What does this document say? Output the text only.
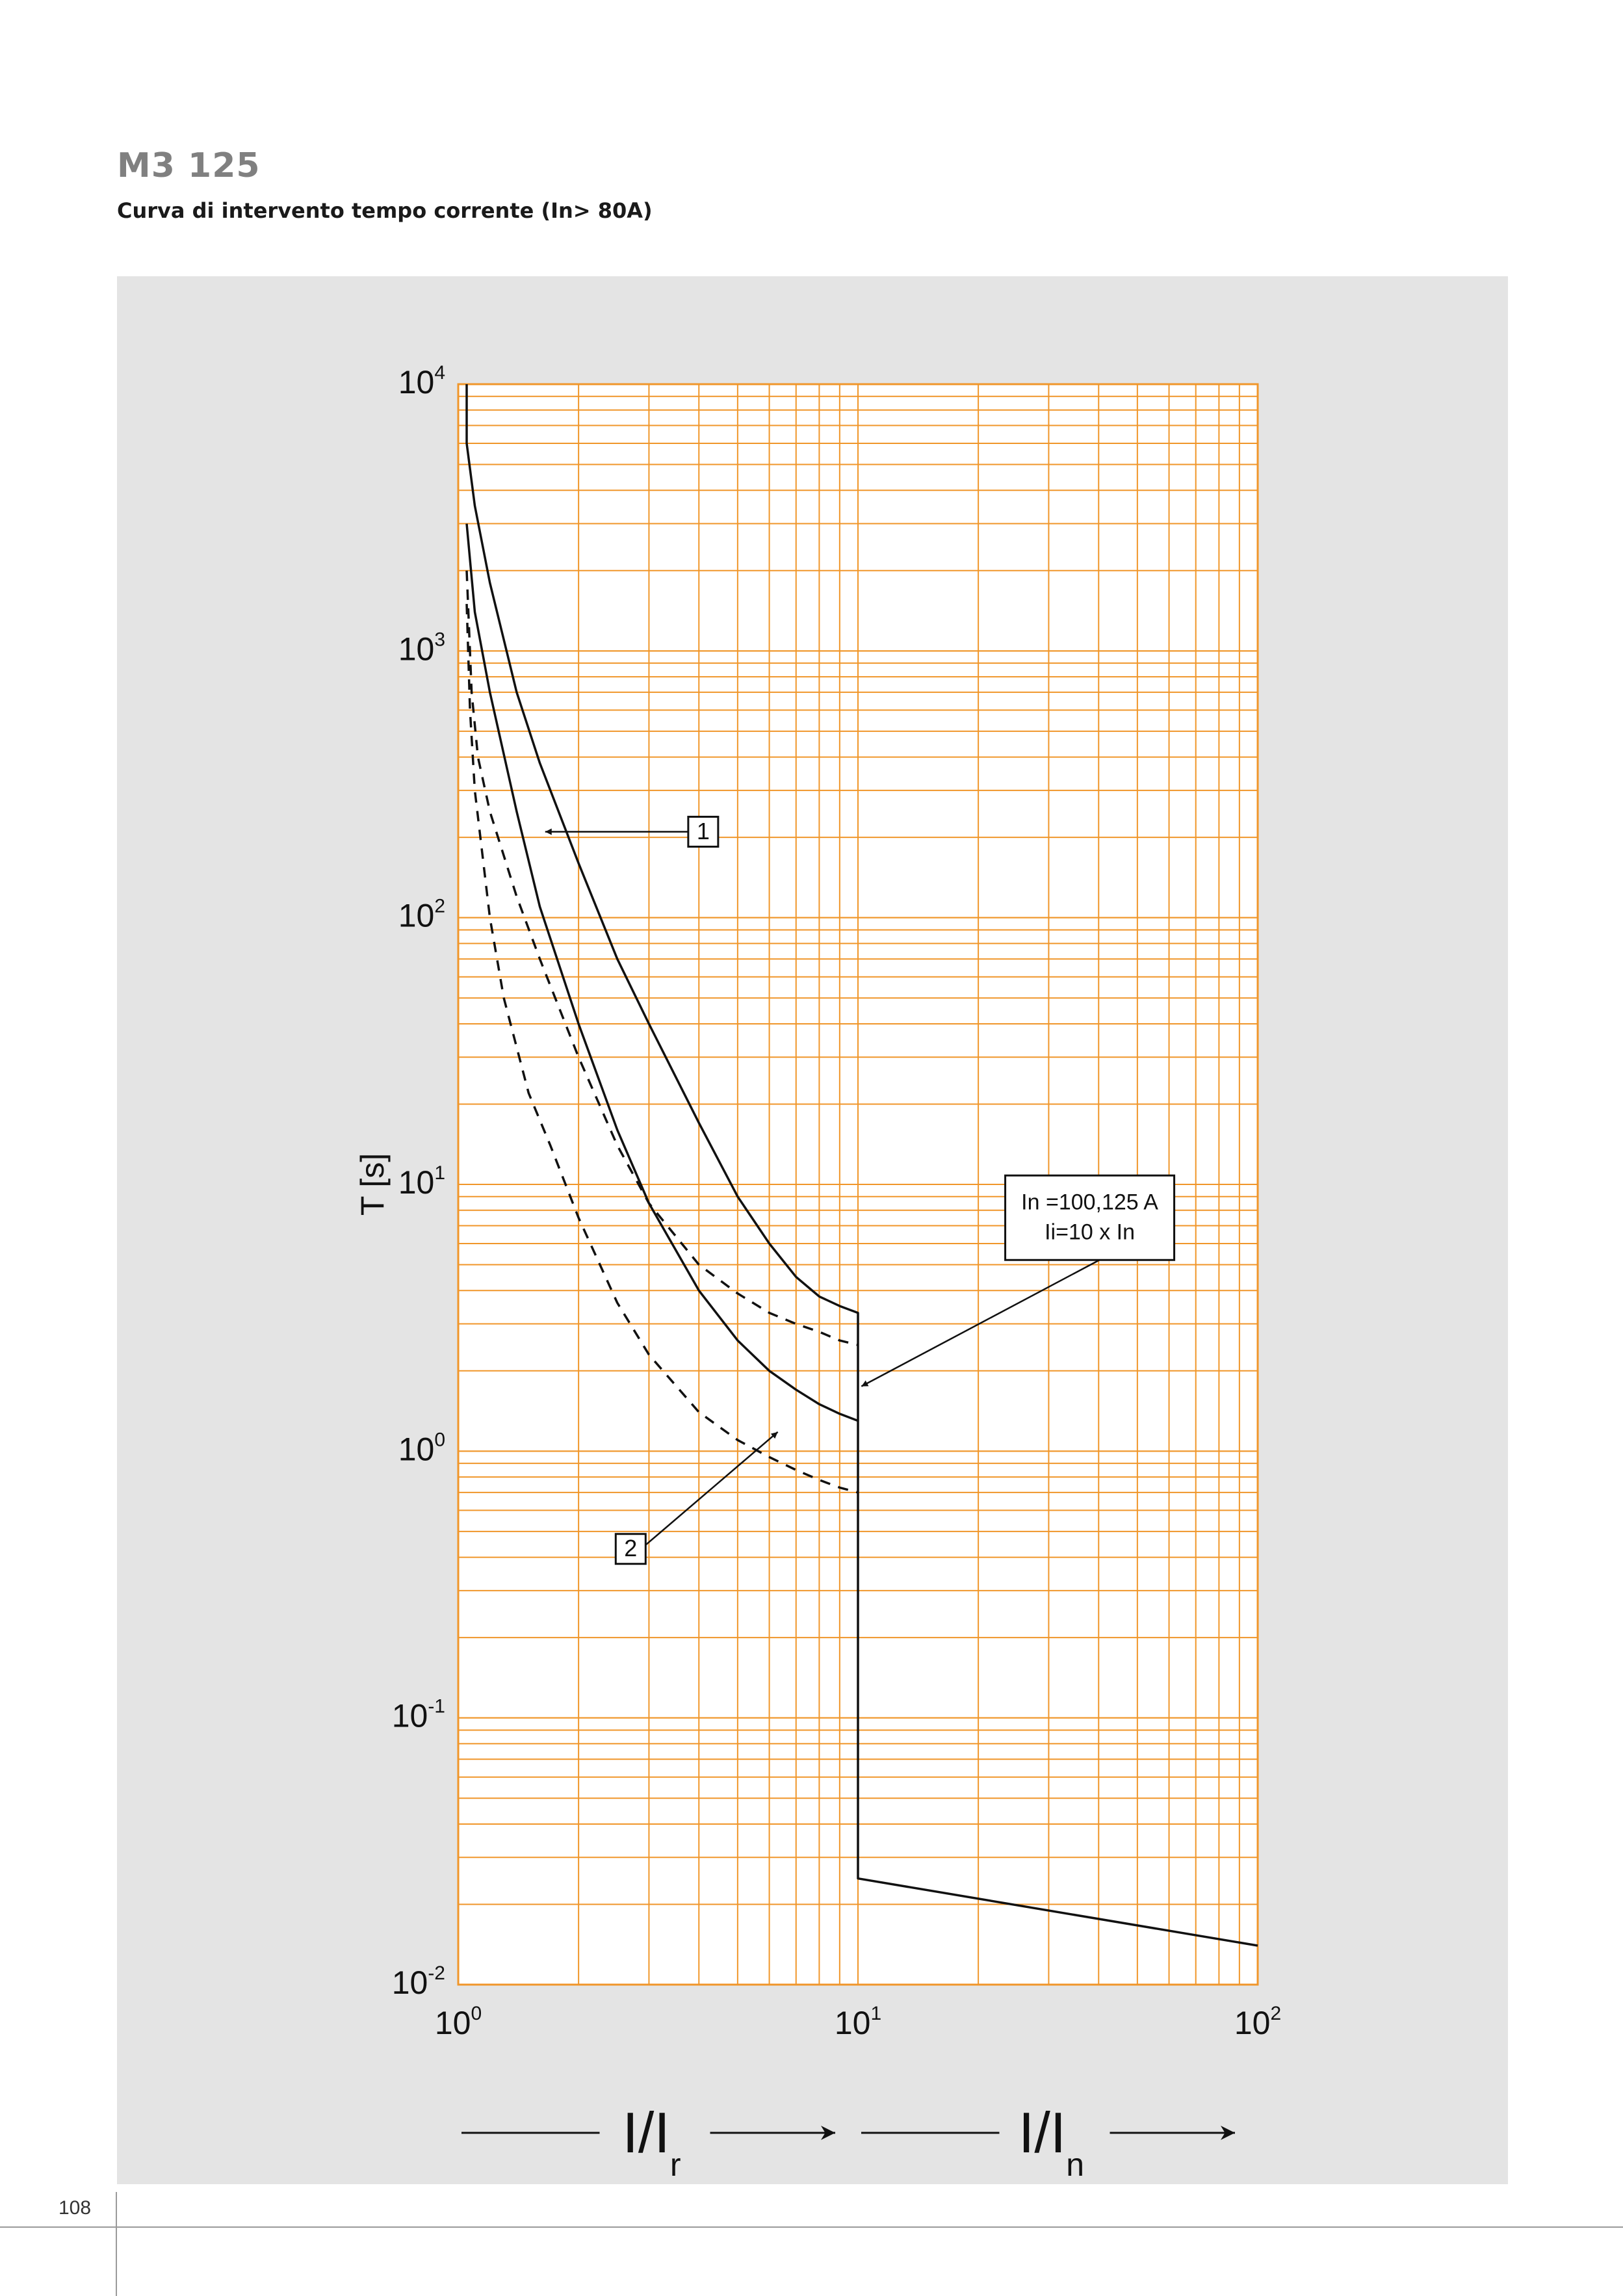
M3 125
Curva di intervento tempo corrente (In> 80A)
1
2
In =100,125 A
Ii=10 x In
$10^4$
$10^3$
$10^2$
$10^1$
$10^0$
$10^{-1}$
$10^{-2}$
$10^0$	$10^1$	$10^2$
T [s]
$I/I_r$	$I/I_n$
108
